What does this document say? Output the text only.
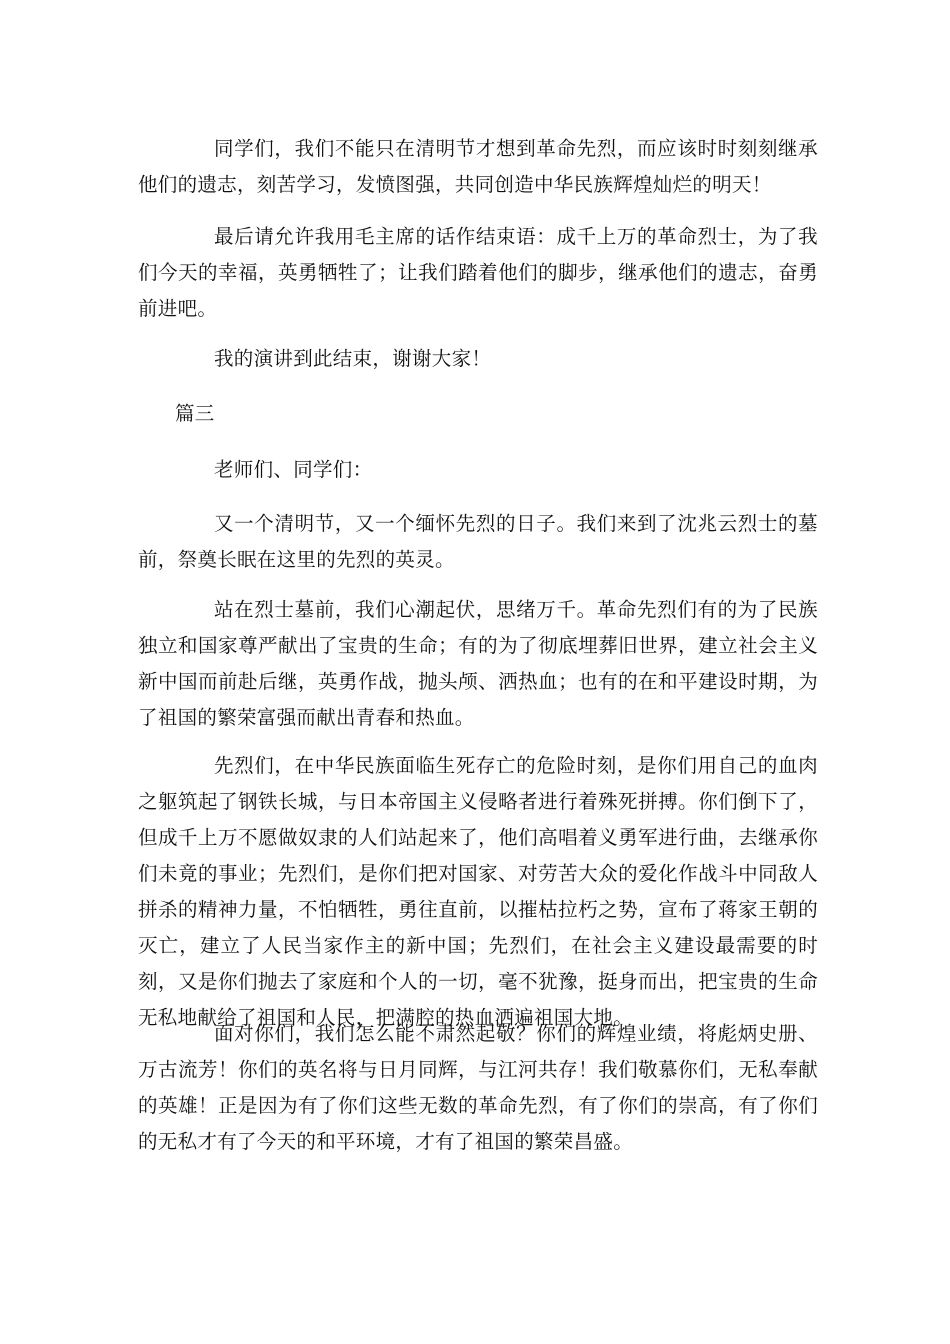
同学们，我们不能只在清明节才想到革命先烈，而应该时时刻刻继承他们的遗志，刻苦学习，发愤图强，共同创造中华民族辉煌灿烂的明天！

最后请允许我用毛主席的话作结束语：成千上万的革命烈士，为了我们今天的幸福，英勇牺牲了；让我们踏着他们的脚步，继承他们的遗志，奋勇前进吧。

我的演讲到此结束，谢谢大家！

篇三

老师们、同学们：

又一个清明节，又一个缅怀先烈的日子。我们来到了沈兆云烈士的墓前，祭奠长眠在这里的先烈的英灵。

站在烈士墓前，我们心潮起伏，思绪万千。革命先烈们有的为了民族独立和国家尊严献出了宝贵的生命；有的为了彻底埋葬旧世界，建立社会主义新中国而前赴后继，英勇作战，抛头颅、洒热血；也有的在和平建设时期，为了祖国的繁荣富强而献出青春和热血。

先烈们，在中华民族面临生死存亡的危险时刻，是你们用自己的血肉之躯筑起了钢铁长城，与日本帝国主义侵略者进行着殊死拼搏。你们倒下了，但成千上万不愿做奴隶的人们站起来了，他们高唱着义勇军进行曲，去继承你们未竟的事业；先烈们，是你们把对国家、对劳苦大众的爱化作战斗中同敌人拼杀的精神力量，不怕牺牲，勇往直前，以摧枯拉朽之势，宣布了蒋家王朝的灭亡，建立了人民当家作主的新中国；先烈们，在社会主义建设最需要的时刻，又是你们抛去了家庭和个人的一切，毫不犹豫，挺身而出，把宝贵的生命无私地献给了祖国和人民，把满腔的热血洒遍祖国大地。

面对你们，我们怎么能不肃然起敬？你们的辉煌业绩，将彪炳史册、万古流芳！你们的英名将与日月同辉，与江河共存！我们敬慕你们，无私奉献的英雄！正是因为有了你们这些无数的革命先烈，有了你们的崇高，有了你们的无私才有了今天的和平环境，才有了祖国的繁荣昌盛。
